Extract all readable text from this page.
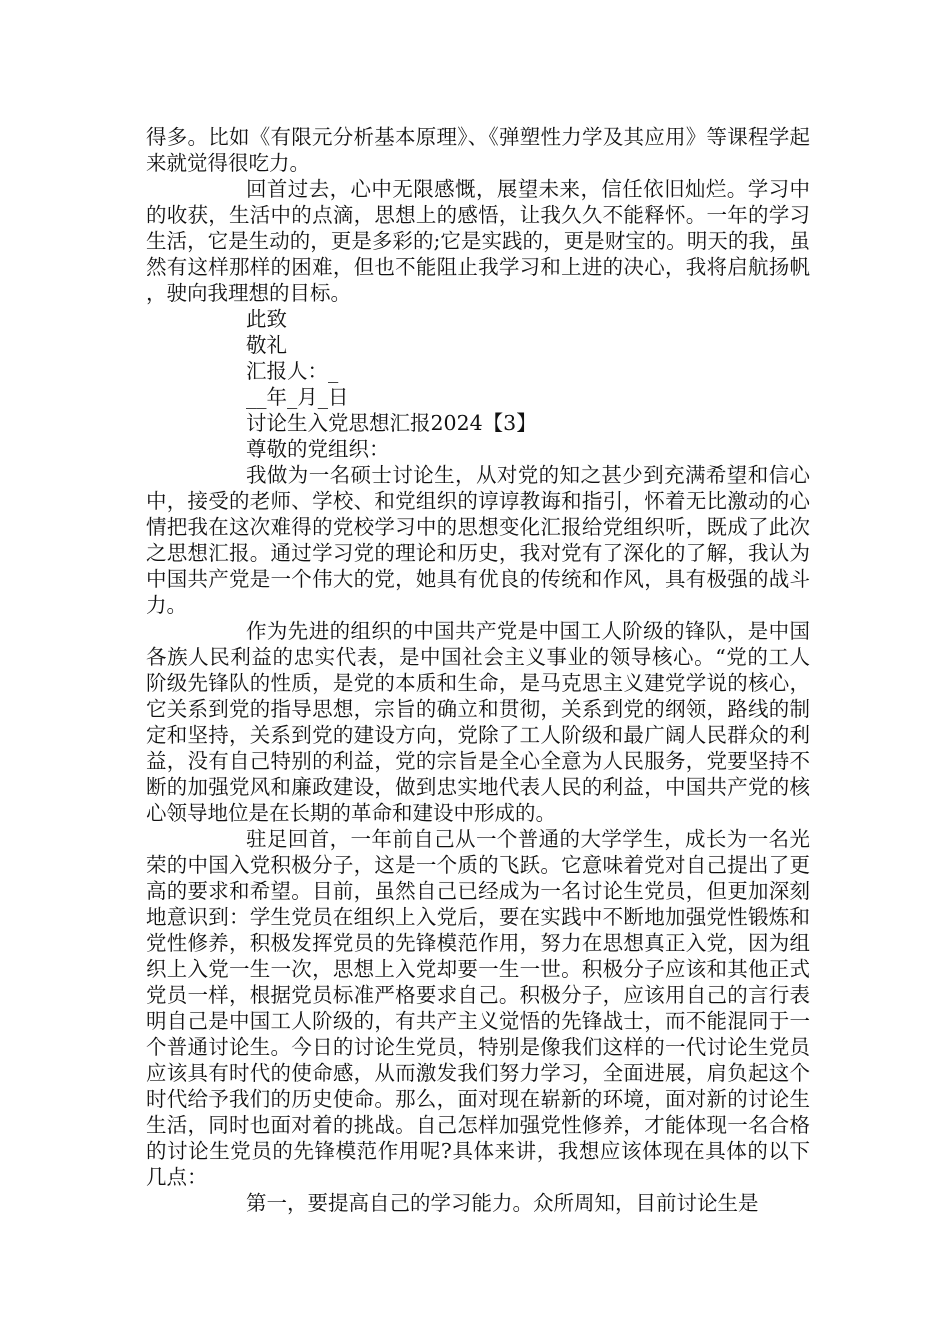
得多。比如《有限元分析基本原理》、《弹塑性力学及其应用》等课程学起来就觉得很吃力。

回首过去，心中无限感慨，展望未来，信任依旧灿烂。学习中的收获，生活中的点滴，思想上的感悟，让我久久不能释怀。一年的学习生活，它是生动的，更是多彩的;它是实践的，更是财宝的。明天的我，虽然有这样那样的困难，但也不能阻止我学习和上进的决心，我将启航扬帆，驶向我理想的目标。

此致

敬礼

汇报人：_

__年_月_日

讨论生入党思想汇报2024【3】

尊敬的党组织：

我做为一名硕士讨论生，从对党的知之甚少到充满希望和信心中，接受的老师、学校、和党组织的谆谆教诲和指引，怀着无比激动的心情把我在这次难得的党校学习中的思想变化汇报给党组织听，既成了此次之思想汇报。通过学习党的理论和历史，我对党有了深化的了解，我认为中国共产党是一个伟大的党，她具有优良的传统和作风，具有极强的战斗力。

作为先进的组织的中国共产党是中国工人阶级的锋队，是中国各族人民利益的忠实代表，是中国社会主义事业的领导核心。“党的工人阶级先锋队的性质，是党的本质和生命，是马克思主义建党学说的核心，它关系到党的指导思想，宗旨的确立和贯彻，关系到党的纲领，路线的制定和坚持，关系到党的建设方向，党除了工人阶级和最广阔人民群众的利益，没有自己特别的利益，党的宗旨是全心全意为人民服务，党要坚持不断的加强党风和廉政建设，做到忠实地代表人民的利益，中国共产党的核心领导地位是在长期的革命和建设中形成的。

驻足回首，一年前自己从一个普通的大学学生，成长为一名光荣的中国入党积极分子，这是一个质的飞跃。它意味着党对自己提出了更高的要求和希望。目前，虽然自己已经成为一名讨论生党员，但更加深刻地意识到：学生党员在组织上入党后，要在实践中不断地加强党性锻炼和党性修养，积极发挥党员的先锋模范作用，努力在思想真正入党，因为组织上入党一生一次，思想上入党却要一生一世。积极分子应该和其他正式党员一样，根据党员标准严格要求自己。积极分子，应该用自己的言行表明自己是中国工人阶级的，有共产主义觉悟的先锋战士，而不能混同于一个普通讨论生。今日的讨论生党员，特别是像我们这样的一代讨论生党员应该具有时代的使命感，从而激发我们努力学习，全面进展，肩负起这个时代给予我们的历史使命。那么，面对现在崭新的环境，面对新的讨论生生活，同时也面对着的挑战。自己怎样加强党性修养，才能体现一名合格的讨论生党员的先锋模范作用呢?具体来讲，我想应该体现在具体的以下几点：

第一，要提高自己的学习能力。众所周知，目前讨论生是
